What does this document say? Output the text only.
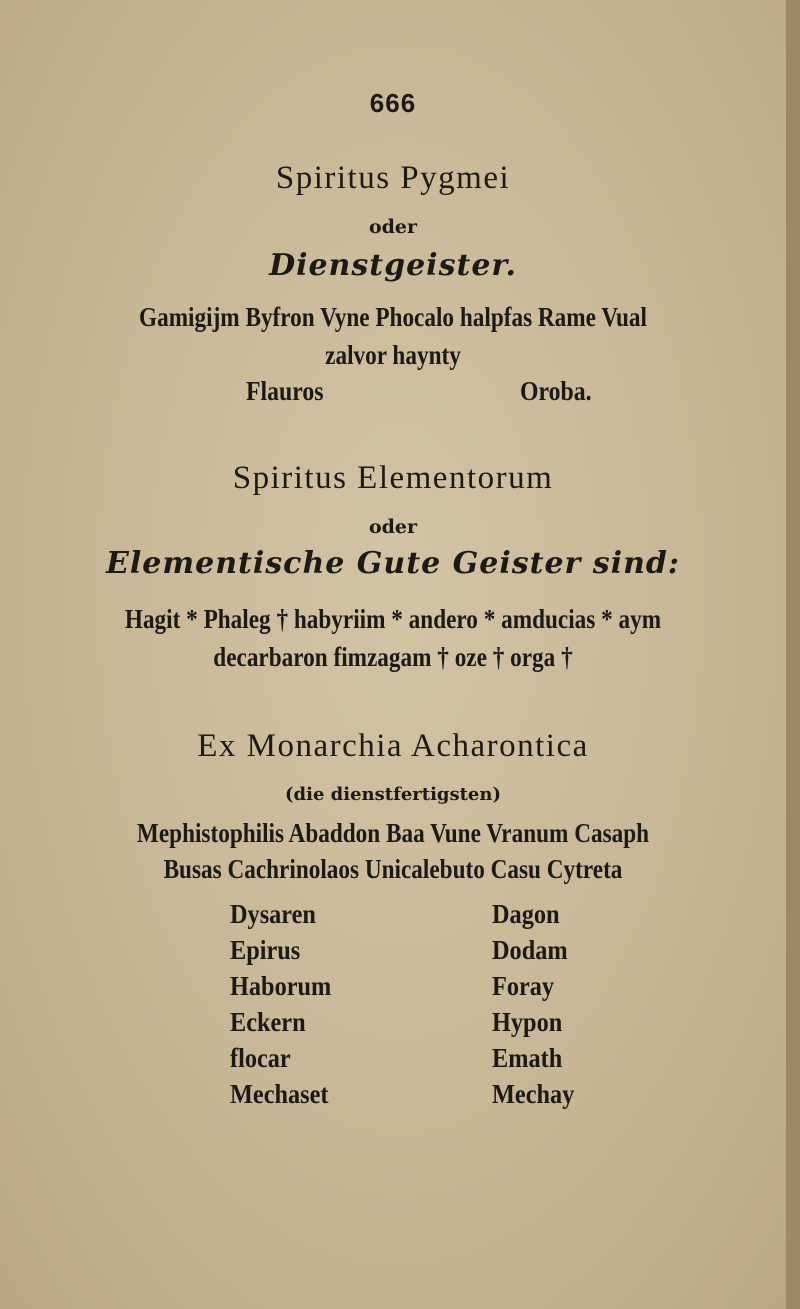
666
Spiritus Pygmei
oder
Dienstgeister.
Gamigijm Byfron Vyne Phocalo halpfas Rame Vual
zalvor haynty
Flauros	Oroba.
Spiritus Elementorum
oder
Elementische Gute Geister sind:
Hagit * Phaleg † habyriim * andero * amducias * aym
decarbaron fimzagam † oze † orga †
Ex Monarchia Acharontica
(die dienstfertigsten)
Mephistophilis Abaddon Baa Vune Vranum Casaph
Busas Cachrinolaos Unicalebuto Casu Cytreta
Dysaren
Epirus
Haborum
Eckern
flocar
Mechaset
Dagon
Dodam
Foray
Hypon
Emath
Mechay
